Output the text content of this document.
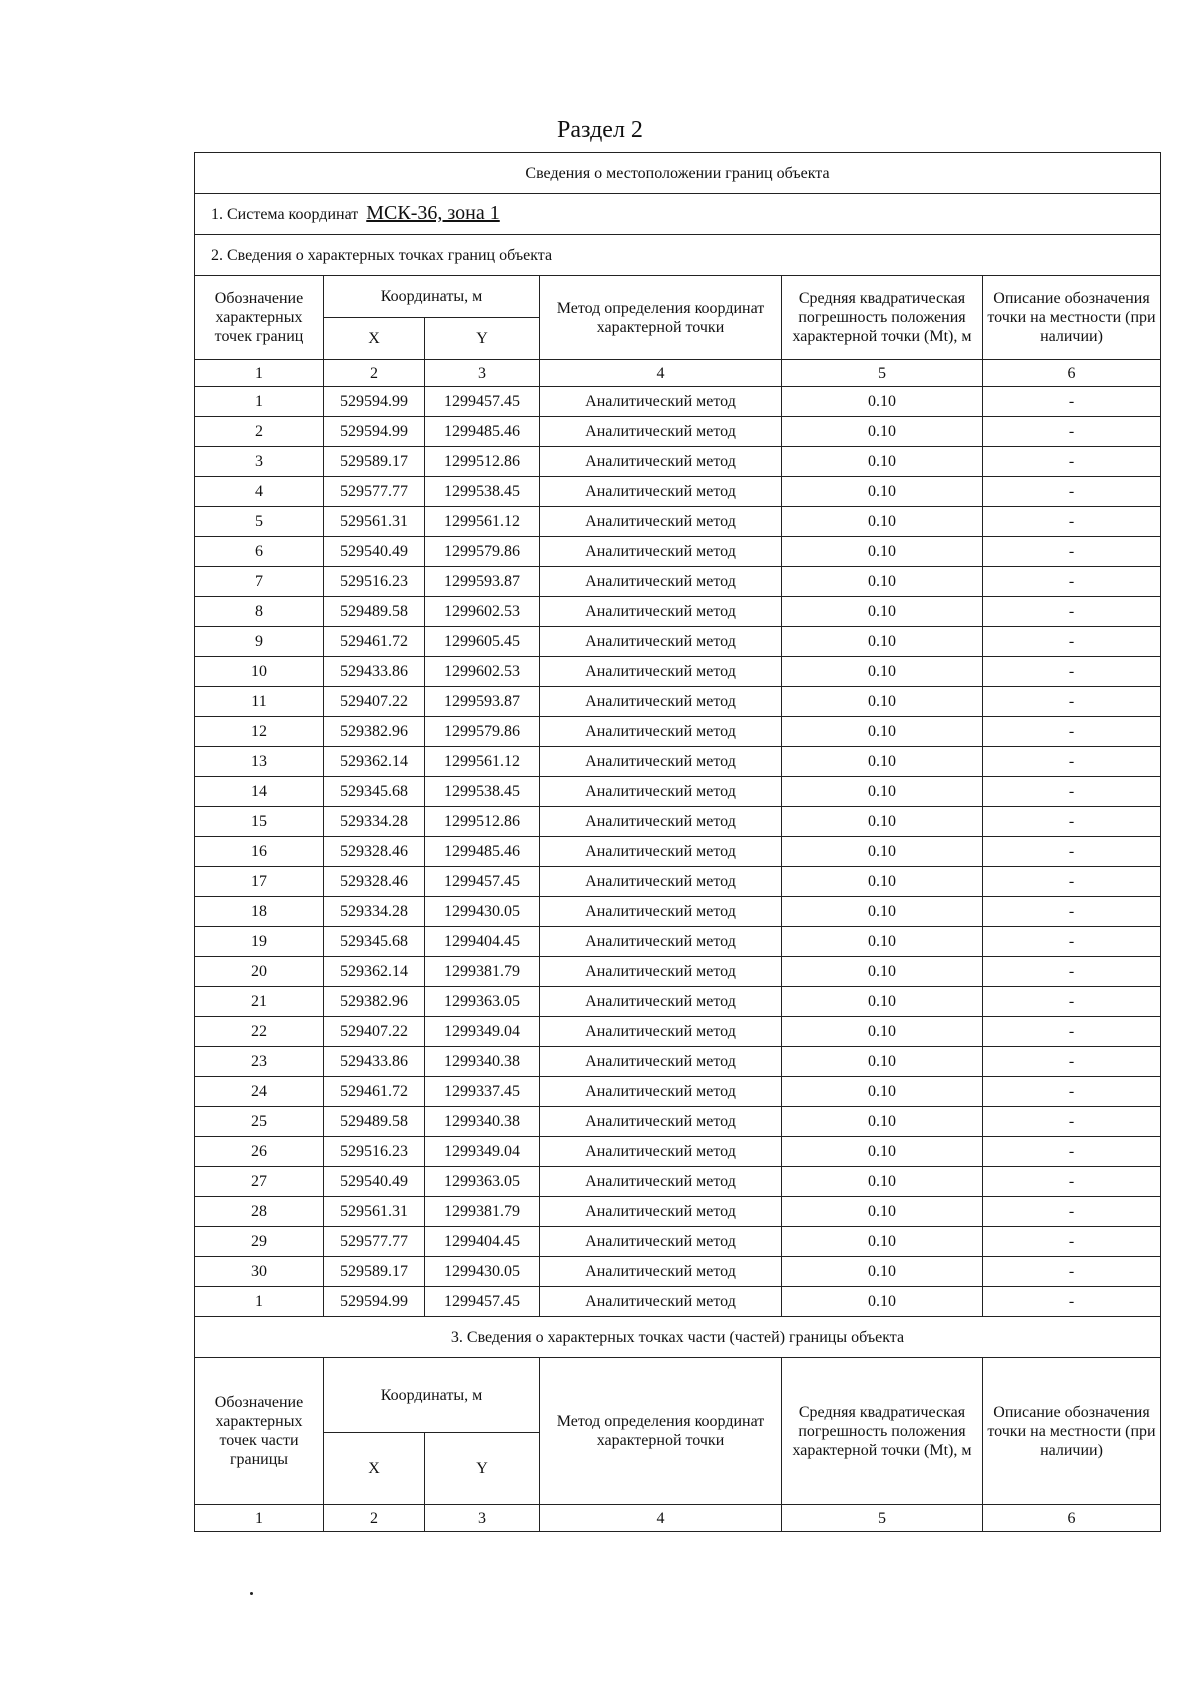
Раздел 2
Сведения о местоположении границ объекта					
1. Система координат МСК-36, зона 1					
2. Сведения о характерных точках границ объекта					
Обозначение характерных точек границ	Координаты, м		Метод определения координат характерной точки	Средняя квадратическая погрешность положения характерной точки (Mt), м	Описание обозначения точки на местности (при наличии)
	X	Y			
1	2	3	4	5	6
1	529594.99	1299457.45	Аналитический метод	0.10	-
2	529594.99	1299485.46	Аналитический метод	0.10	-
3	529589.17	1299512.86	Аналитический метод	0.10	-
4	529577.77	1299538.45	Аналитический метод	0.10	-
5	529561.31	1299561.12	Аналитический метод	0.10	-
6	529540.49	1299579.86	Аналитический метод	0.10	-
7	529516.23	1299593.87	Аналитический метод	0.10	-
8	529489.58	1299602.53	Аналитический метод	0.10	-
9	529461.72	1299605.45	Аналитический метод	0.10	-
10	529433.86	1299602.53	Аналитический метод	0.10	-
11	529407.22	1299593.87	Аналитический метод	0.10	-
12	529382.96	1299579.86	Аналитический метод	0.10	-
13	529362.14	1299561.12	Аналитический метод	0.10	-
14	529345.68	1299538.45	Аналитический метод	0.10	-
15	529334.28	1299512.86	Аналитический метод	0.10	-
16	529328.46	1299485.46	Аналитический метод	0.10	-
17	529328.46	1299457.45	Аналитический метод	0.10	-
18	529334.28	1299430.05	Аналитический метод	0.10	-
19	529345.68	1299404.45	Аналитический метод	0.10	-
20	529362.14	1299381.79	Аналитический метод	0.10	-
21	529382.96	1299363.05	Аналитический метод	0.10	-
22	529407.22	1299349.04	Аналитический метод	0.10	-
23	529433.86	1299340.38	Аналитический метод	0.10	-
24	529461.72	1299337.45	Аналитический метод	0.10	-
25	529489.58	1299340.38	Аналитический метод	0.10	-
26	529516.23	1299349.04	Аналитический метод	0.10	-
27	529540.49	1299363.05	Аналитический метод	0.10	-
28	529561.31	1299381.79	Аналитический метод	0.10	-
29	529577.77	1299404.45	Аналитический метод	0.10	-
30	529589.17	1299430.05	Аналитический метод	0.10	-
1	529594.99	1299457.45	Аналитический метод	0.10	-
3. Сведения о характерных точках части (частей) границы объекта					
Обозначение характерных точек части границы	Координаты, м		Метод определения координат характерной точки	Средняя квадратическая погрешность положения характерной точки (Mt), м	Описание обозначения точки на местности (при наличии)
	X	Y			
1	2	3	4	5	6
